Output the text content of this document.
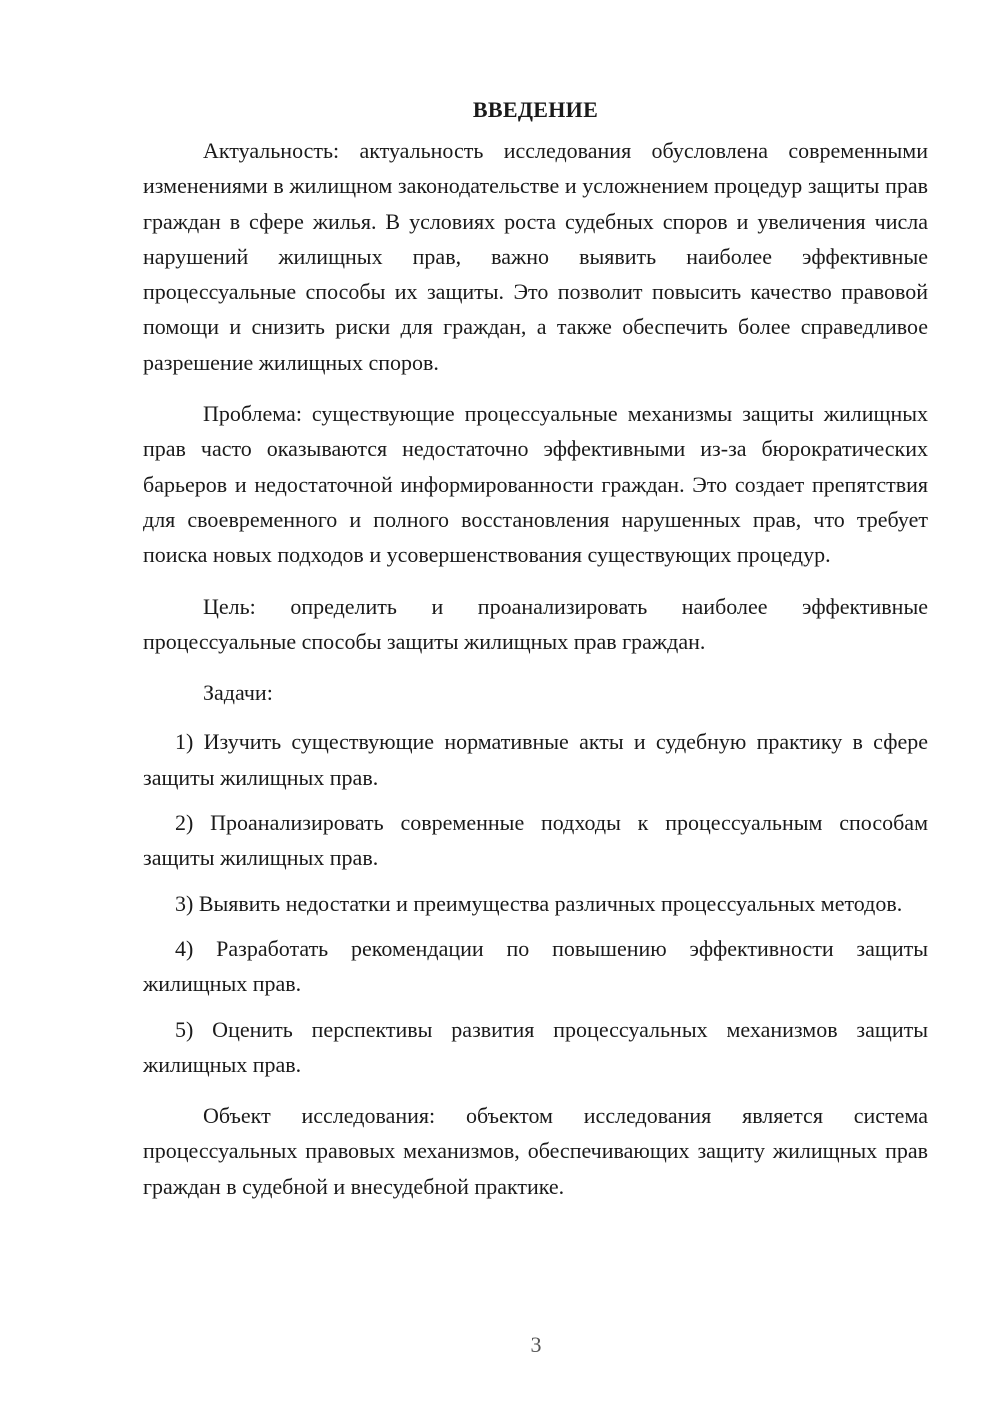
ВВЕДЕНИЕ

Актуальность: актуальность исследования обусловлена современными изменениями в жилищном законодательстве и усложнением процедур защиты прав граждан в сфере жилья. В условиях роста судебных споров и увеличения числа нарушений жилищных прав, важно выявить наиболее эффективные процессуальные способы их защиты. Это позволит повысить качество правовой помощи и снизить риски для граждан, а также обеспечить более справедливое разрешение жилищных споров.

Проблема: существующие процессуальные механизмы защиты жилищных прав часто оказываются недостаточно эффективными из-за бюрократических барьеров и недостаточной информированности граждан. Это создает препятствия для своевременного и полного восстановления нарушенных прав, что требует поиска новых подходов и усовершенствования существующих процедур.

Цель: определить и проанализировать наиболее эффективные процессуальные способы защиты жилищных прав граждан.

Задачи:

1) Изучить существующие нормативные акты и судебную практику в сфере защиты жилищных прав.

2) Проанализировать современные подходы к процессуальным способам защиты жилищных прав.

3) Выявить недостатки и преимущества различных процессуальных методов.

4) Разработать рекомендации по повышению эффективности защиты жилищных прав.

5) Оценить перспективы развития процессуальных механизмов защиты жилищных прав.

Объект исследования: объектом исследования является система процессуальных правовых механизмов, обеспечивающих защиту жилищных прав граждан в судебной и внесудебной практике.

3
